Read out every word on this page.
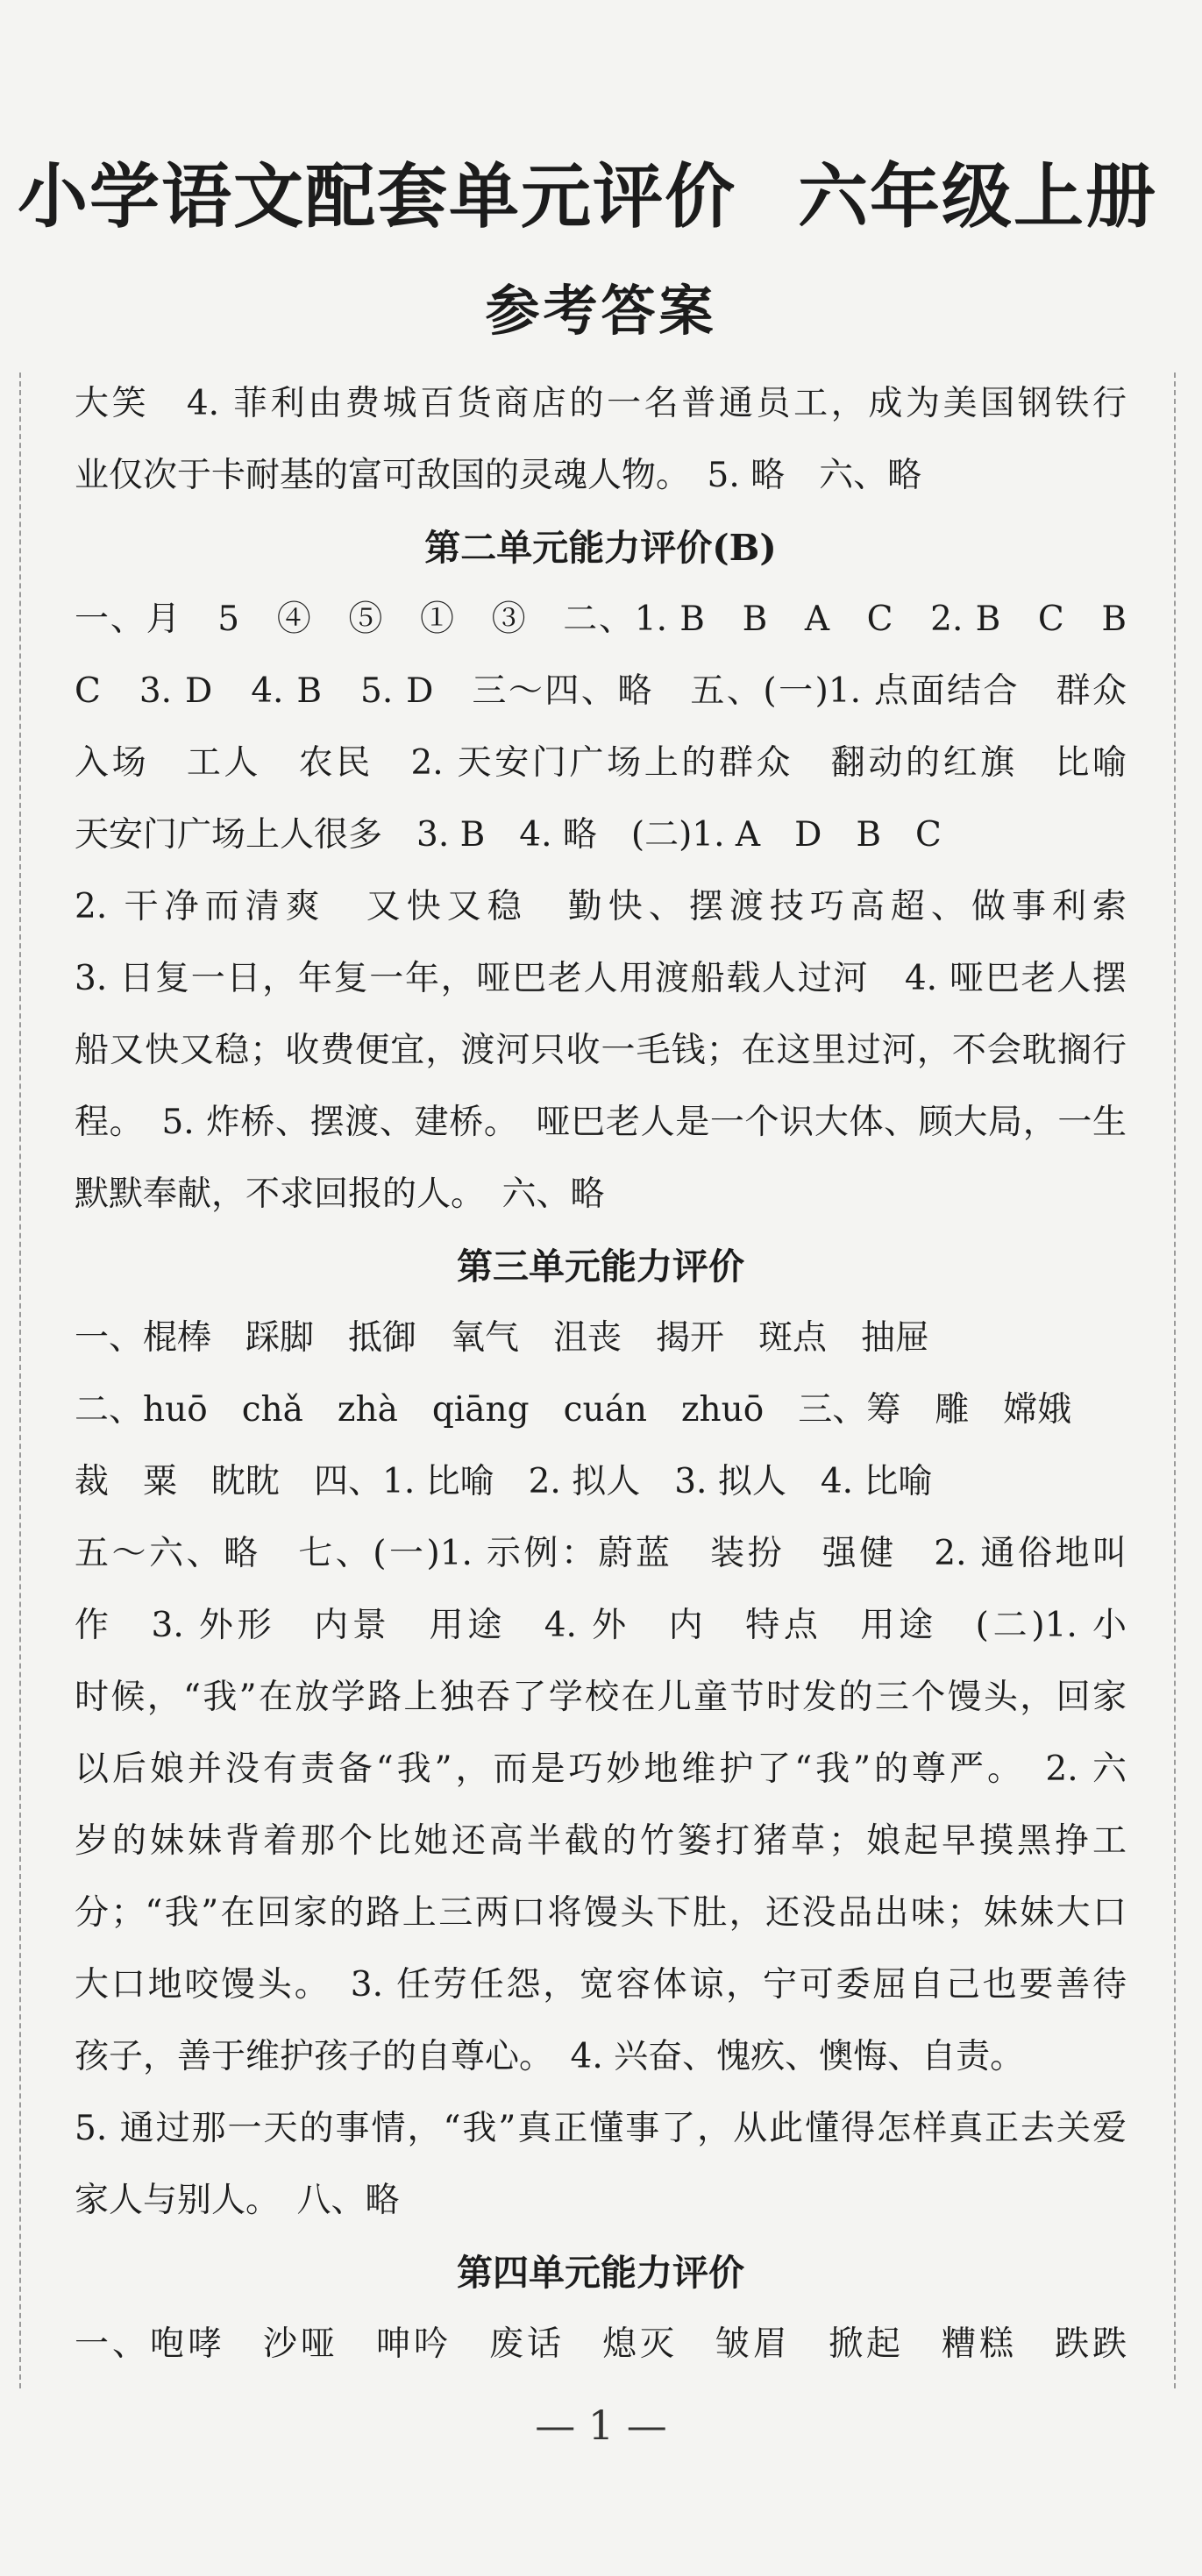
小学语文配套单元评价 六年级上册
参考答案

大笑　4. 菲利由费城百货商店的一名普通员工，成为美国钢铁行

业仅次于卡耐基的富可敌国的灵魂人物。　5. 略　六、略

第二单元能力评价(B)

一、月　5　④　⑤　①　③　二、1. B　B　A　C　2. B　C　B

C　3. D　4. B　5. D　三～四、略　五、(一)1. 点面结合　群众

入场　工人　农民　2. 天安门广场上的群众　翻动的红旗　比喻

天安门广场上人很多　3. B　4. 略　(二)1. A　D　B　C

2. 干净而清爽　又快又稳　勤快、摆渡技巧高超、做事利索

3. 日复一日，年复一年，哑巴老人用渡船载人过河　4. 哑巴老人摆

船又快又稳；收费便宜，渡河只收一毛钱；在这里过河，不会耽搁行

程。　5. 炸桥、摆渡、建桥。　哑巴老人是一个识大体、顾大局，一生

默默奉献，不求回报的人。　六、略

第三单元能力评价

一、棍棒　踩脚　抵御　氧气　沮丧　揭开　斑点　抽屉

二、huō　chǎ　zhà　qiāng　cuán　zhuō　三、筹　雕　嫦娥

裁　粟　眈眈　四、1. 比喻　2. 拟人　3. 拟人　4. 比喻

五～六、略　七、(一)1. 示例：蔚蓝　装扮　强健　2. 通俗地叫

作　3. 外形　内景　用途　4. 外　内　特点　用途　(二)1. 小

时候，“我”在放学路上独吞了学校在儿童节时发的三个馒头，回家

以后娘并没有责备“我”，而是巧妙地维护了“我”的尊严。　2. 六

岁的妹妹背着那个比她还高半截的竹篓打猪草；娘起早摸黑挣工

分；“我”在回家的路上三两口将馒头下肚，还没品出味；妹妹大口

大口地咬馒头。　3. 任劳任怨，宽容体谅，宁可委屈自己也要善待

孩子，善于维护孩子的自尊心。　4. 兴奋、愧疚、懊悔、自责。

5. 通过那一天的事情，“我”真正懂事了，从此懂得怎样真正去关爱

家人与别人。　八、略

第四单元能力评价

一、咆哮　沙哑　呻吟　废话　熄灭　皱眉　掀起　糟糕　跌跌

— 1 —
